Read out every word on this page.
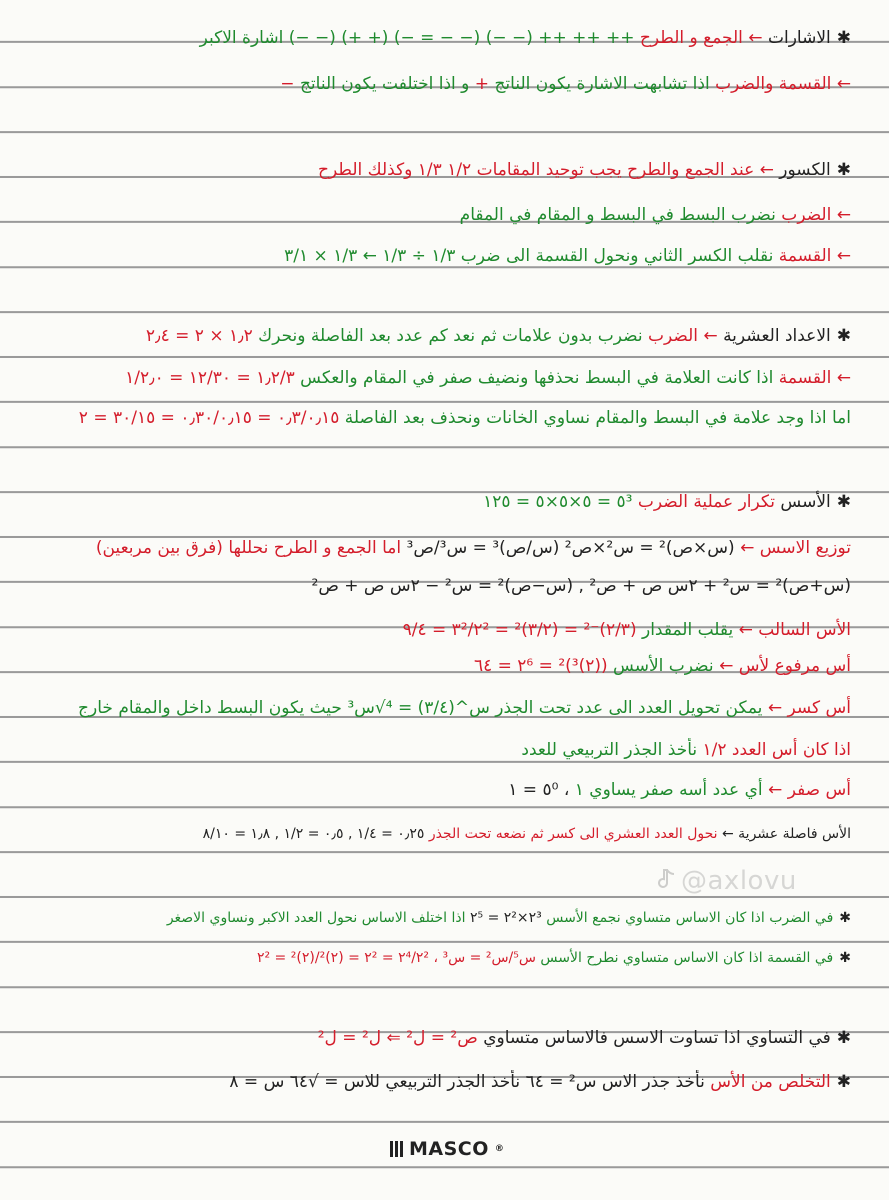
✱الاشارات ← الجمع و الطرح ++ ++ ++ (− −) (− − = −) (+ +) (− −) اشارة الاكبر
← القسمة والضرب اذا تشابهت الاشارة يكون الناتج + و اذا اختلفت يكون الناتج −
✱الكسور ← عند الجمع والطرح يجب توحيد المقامات ١/٢ ١/٣ وكذلك الطرح
← الضرب نضرب البسط في البسط و المقام في المقام
← القسمة نقلب الكسر الثاني ونحول القسمة الى ضرب ١/٣ ÷ ١/٣ ← ١/٣ × ٣/١
✱الاعداد العشرية ← الضرب نضرب بدون علامات ثم نعد كم عدد بعد الفاصلة ونحرك ١٫٢ × ٢ = ٢٫٤
← القسمة اذا كانت العلامة في البسط نحذفها ونضيف صفر في المقام والعكس ١٫٢/٣ = ١٢/٣٠ = ١/٢٫٠
اما اذا وجد علامة في البسط والمقام نساوي الخانات ونحذف بعد الفاصلة ٠٫٣/٠٫١٥ = ٠٫٣٠/٠٫١٥ = ٣٠/١٥ = ٢
✱الأسس تكرار عملية الضرب ٥³ = ٥×٥×٥ = ١٢٥
توزيع الاسس ← (س×ص)² = س²×ص² (س/ص)³ = س³/ص³ اما الجمع و الطرح نحللها (فرق بين مربعين)
(س+ص)² = س² + ٢س ص + ص² , (س−ص)² = س² − ٢س ص + ص²
الأس السالب ← يقلب المقدار (٢/٣)⁻² = (٣/٢)² = ٣²/٢² = ٩/٤
أس مرفوع لأس ← نضرب الأسس ((٢)³)² = ٢⁶ = ٦٤
أس كسر ← يمكن تحويل العدد الى عدد تحت الجذر س^(٣/٤) = ⁴√س³ حيث يكون البسط داخل والمقام خارج
اذا كان أس العدد ١/٢ نأخذ الجذر التربيعي للعدد
أس صفر ← أي عدد أسه صفر يساوي ١ ، ٥⁰ = ١
الأس فاصلة عشرية ← نحول العدد العشري الى كسر ثم نضعه تحت الجذر ٠٫٢٥ = ١/٤ , ٠٫٥ = ١/٢ , ١٫٨ = ٨/١٠
✱في الضرب اذا كان الاساس متساوي نجمع الأسس ٢³×٢² = ٢⁵ اذا اختلف الاساس نحول العدد الاكبر ونساوي الاصغر
✱في القسمة اذا كان الاساس متساوي نطرح الأسس س⁵/س² = س³ ، ٢⁴/٢² = ٢² = (٢)²/(٢)² = ٢²
✱في التساوي اذا تساوت الاسس فالاساس متساوي ص² = ل² ⇐ ل² = ل²
✱التخلص من الأس نأخذ جذر الاس س² = ٦٤ نأخذ الجذر التربيعي للاس = √٦٤ س = ٨
@axlovu
MASCO ®
